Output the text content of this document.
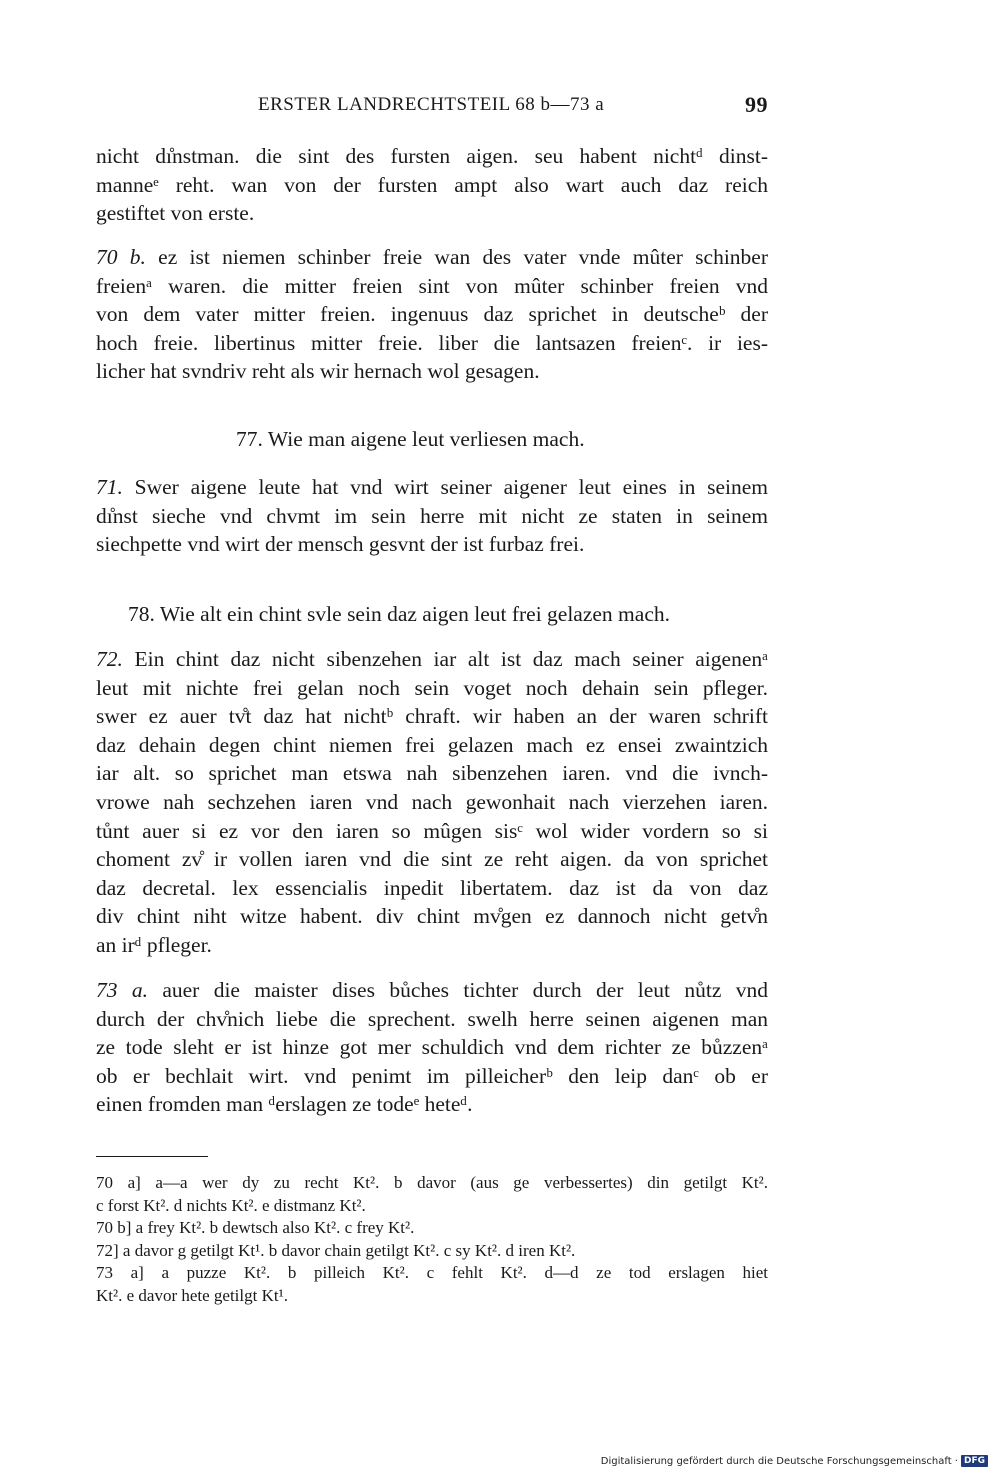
ERSTER LANDRECHTSTEIL 68 b—73 a	99
nicht dı̊nstman. die sint des fursten aigen. seu habent nichtᵈ dinst-
manneᵉ reht. wan von der fursten ampt also wart auch daz reich
gestiftet von erste.
70 b. ez ist niemen schinber freie wan des vater vnde mûter schinber
freienᵃ waren. die mitter freien sint von mûter schinber freien vnd
von dem vater mitter freien. ingenuus daz sprichet in deutscheᵇ der
hoch freie. libertinus mitter freie. liber die lantsazen freienᶜ. ir ies-
licher hat svndriv reht als wir hernach wol gesagen.
77. Wie man aigene leut verliesen mach.
71. Swer aigene leute hat vnd wirt seiner aigener leut eines in seinem
dı̊nst sieche vnd chvmt im sein herre mit nicht ze staten in seinem
siechpette vnd wirt der mensch gesvnt der ist furbaz frei.
78. Wie alt ein chint svle sein daz aigen leut frei gelazen mach.
72. Ein chint daz nicht sibenzehen iar alt ist daz mach seiner aigenenᵃ
leut mit nichte frei gelan noch sein voget noch dehain sein pfleger.
swer ez auer tv̊t daz hat nichtᵇ chraft. wir haben an der waren schrift
daz dehain degen chint niemen frei gelazen mach ez ensei zwaintzich
iar alt. so sprichet man etswa nah sibenzehen iaren. vnd die ivnch-
vrowe nah sechzehen iaren vnd nach gewonhait nach vierzehen iaren.
tůnt auer si ez vor den iaren so mûgen sisᶜ wol wider vordern so si
choment zv̊ ir vollen iaren vnd die sint ze reht aigen. da von sprichet
daz decretal. lex essencialis inpedit libertatem. daz ist da von daz
div chint niht witze habent. div chint mv̊gen ez dannoch nicht getv̊n
an irᵈ pfleger.
73 a. auer die maister dises bůches tichter durch der leut nůtz vnd
durch der chv̊nich liebe die sprechent. swelh herre seinen aigenen man
ze tode sleht er ist hinze got mer schuldich vnd dem richter ze bůzzenᵃ
ob er bechlait wirt. vnd penimt im pilleicherᵇ den leip danᶜ ob er
einen fromden man ᵈerslagen ze todeᵉ heteᵈ.
70 a] a—a wer dy zu recht Kt². b davor (aus ge verbessertes) din getilgt Kt².
c forst Kt². d nichts Kt². e distmanz Kt².
70 b] a frey Kt². b dewtsch also Kt². c frey Kt².
72] a davor g getilgt Kt¹. b davor chain getilgt Kt². c sy Kt². d iren Kt².
73 a] a puzze Kt². b pilleich Kt². c fehlt Kt². d—d ze tod erslagen hiet
Kt². e davor hete getilgt Kt¹.
Digitalisierung gefördert durch die Deutsche Forschungsgemeinschaft · DFG
